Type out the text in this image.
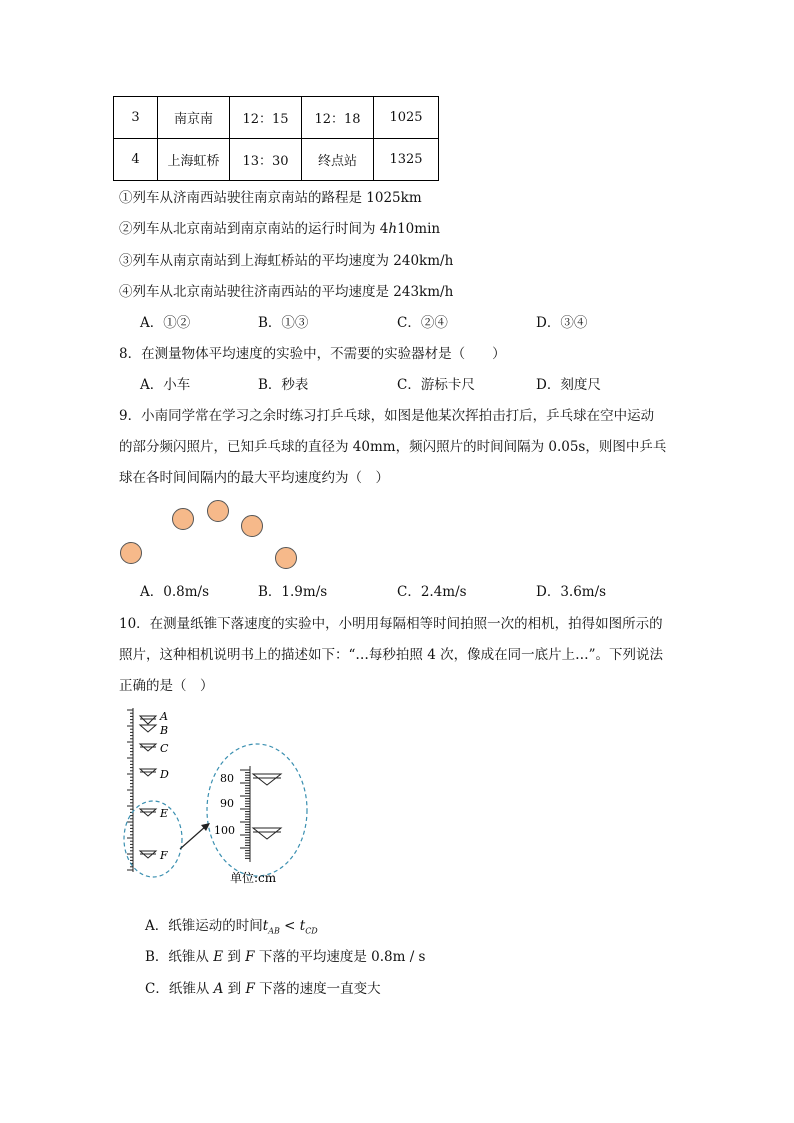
3	南京南	12：15	12：18	1025
4	上海虹桥	13：30	终点站	1325
①列车从济南西站驶往南京南站的路程是 1025km
②列车从北京南站到南京南站的运行时间为 4h10min
③列车从南京南站到上海虹桥站的平均速度为 240km/h
④列车从北京南站驶往济南西站的平均速度是 243km/h
A．①②	B．①③	C．②④	D．③④
8．在测量物体平均速度的实验中，不需要的实验器材是（　　）
A．小车	B．秒表	C．游标卡尺	D．刻度尺
9．小南同学常在学习之余时练习打乒乓球，如图是他某次挥拍击打后，乒乓球在空中运动
的部分频闪照片，已知乒乓球的直径为 40mm，频闪照片的时间间隔为 0.05s，则图中乒乓
球在各时间间隔内的最大平均速度约为（　）
A．0.8m/s	B．1.9m/s	C．2.4m/s	D．3.6m/s
10．在测量纸锥下落速度的实验中，小明用每隔相等时间拍照一次的相机，拍得如图所示的
照片，这种相机说明书上的描述如下：“…每秒拍照 4 次，像成在同一底片上…”。下列说法
正确的是（　）
A
B
C
D
E
F
80
90
100
单位:cm
A．纸锥运动的时间$t_{AB} < t_{CD}$
B．纸锥从 E 到 F 下落的平均速度是 0.8m / s
C．纸锥从 A 到 F 下落的速度一直变大
